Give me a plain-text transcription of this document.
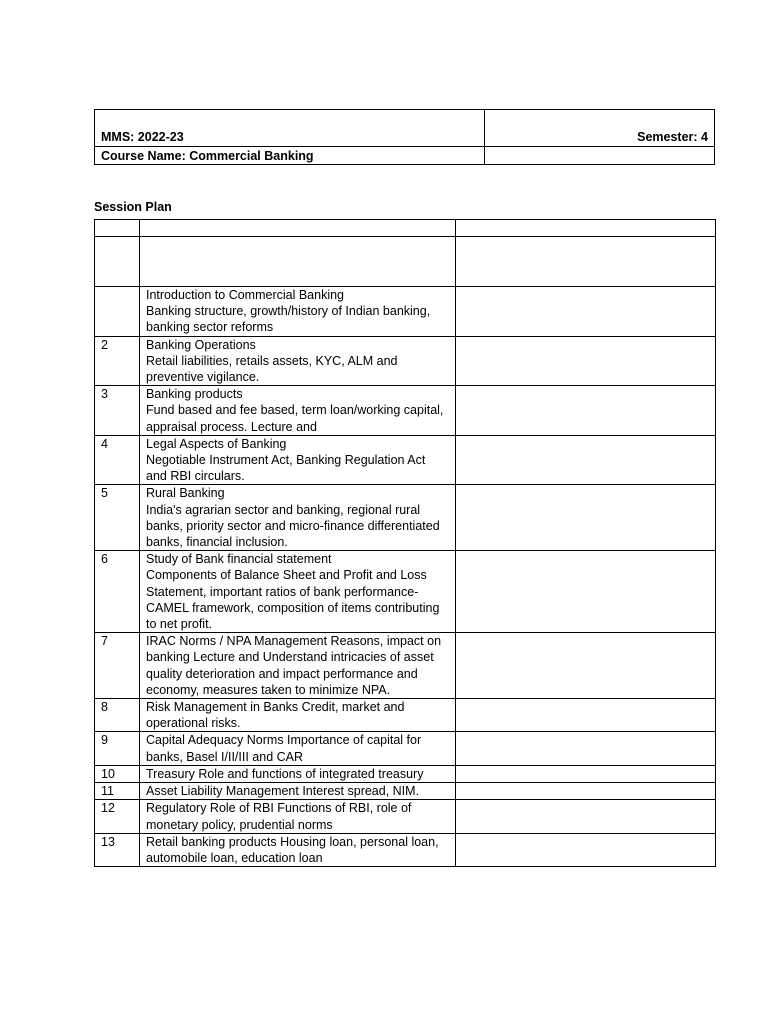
MMS: 2022-23	Semester: 4
Course Name: Commercial Banking	

Session Plan

	Introduction to Commercial Banking
Banking structure, growth/history of Indian banking, banking sector reforms	
2	Banking Operations
Retail liabilities, retails assets, KYC, ALM and preventive vigilance.	
3	Banking products
Fund based and fee based, term loan/working capital, appraisal process. Lecture and	
4	Legal Aspects of Banking
Negotiable Instrument Act, Banking Regulation Act and RBI circulars.	
5	Rural Banking
India's agrarian sector and banking, regional rural banks, priority sector and micro-finance differentiated banks, financial inclusion.	
6	Study of Bank financial statement
Components of Balance Sheet and Profit and Loss Statement, important ratios of bank performance-CAMEL framework, composition of items contributing to net profit.	
7	IRAC Norms / NPA Management Reasons, impact on banking Lecture and Understand intricacies of asset quality deterioration and impact performance and economy, measures taken to minimize NPA.	
8	Risk Management in Banks Credit, market and operational risks.	
9	Capital Adequacy Norms Importance of capital for banks, Basel I/II/III and CAR	
10	Treasury Role and functions of integrated treasury	
11	Asset Liability Management Interest spread, NIM.	
12	Regulatory Role of RBI Functions of RBI, role of monetary policy, prudential norms	
13	Retail banking products Housing loan, personal loan, automobile loan, education loan	
